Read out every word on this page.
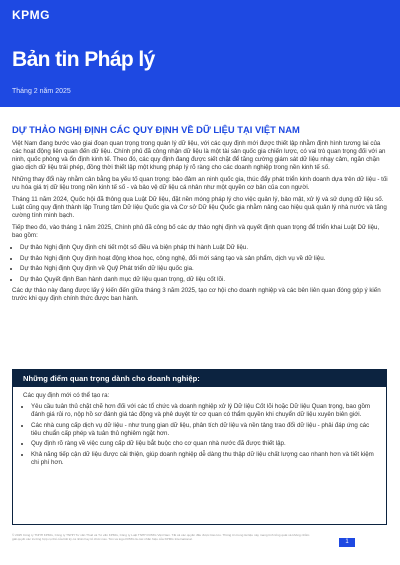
KPMG
Bản tin Pháp lý
Tháng 2 năm 2025
DỰ THẢO NGHỊ ĐỊNH CÁC QUY ĐỊNH VỀ DỮ LIỆU TẠI VIỆT NAM

Việt Nam đang bước vào giai đoạn quan trọng trong quản lý dữ liệu, với các quy định mới được thiết lập nhằm định hình tương lai của các hoạt động liên quan đến dữ liệu. Chính phủ đã công nhận dữ liệu là một tài sản quốc gia chiến lược, có vai trò quan trọng đối với an ninh, quốc phòng và ổn định kinh tế. Theo đó, các quy định đang được siết chặt để tăng cường giám sát dữ liệu nhạy cảm, ngăn chặn giao dịch dữ liệu trái phép, đồng thời thiết lập một khung pháp lý rõ ràng cho các doanh nghiệp trong nền kinh tế số.

Những thay đổi này nhằm cân bằng ba yếu tố quan trọng: bảo đảm an ninh quốc gia, thúc đẩy phát triển kinh doanh dựa trên dữ liệu - tối ưu hóa giá trị dữ liệu trong nền kinh tế số - và bảo vệ dữ liệu cá nhân như một quyền cơ bản của con người.

Tháng 11 năm 2024, Quốc hội đã thông qua Luật Dữ liệu, đặt nền móng pháp lý cho việc quản lý, bảo mật, xử lý và sử dụng dữ liệu số. Luật cũng quy định thành lập Trung tâm Dữ liệu Quốc gia và Cơ sở Dữ liệu Quốc gia nhằm nâng cao hiệu quả quản lý nhà nước và tăng cường tính minh bạch.

Tiếp theo đó, vào tháng 1 năm 2025, Chính phủ đã công bố các dự thảo nghị định và quyết định quan trọng để triển khai Luật Dữ liệu, bao gồm:

• Dự thảo Nghị định Quy định chi tiết một số điều và biện pháp thi hành Luật Dữ liệu.
• Dự thảo Nghị định Quy định hoạt động khoa học, công nghệ, đổi mới sáng tạo và sản phẩm, dịch vụ về dữ liệu.
• Dự thảo Nghị định Quy định về Quỹ Phát triển dữ liệu quốc gia.
• Dự thảo Quyết định Ban hành danh mục dữ liệu quan trọng, dữ liệu cốt lõi.

Các dự thảo này đang được lấy ý kiến đến giữa tháng 3 năm 2025, tạo cơ hội cho doanh nghiệp và các bên liên quan đóng góp ý kiến trước khi quy định chính thức được ban hành.

Những điểm quan trọng dành cho doanh nghiệp:

Các quy định mới có thể tạo ra:

• Yêu cầu tuân thủ chặt chẽ hơn đối với các tổ chức và doanh nghiệp xử lý Dữ liệu Cốt lõi hoặc Dữ liệu Quan trọng, bao gồm đánh giá rủi ro, nộp hồ sơ đánh giá tác động và phê duyệt từ cơ quan có thẩm quyền khi chuyển dữ liệu xuyên biên giới.
• Các nhà cung cấp dịch vụ dữ liệu - như trung gian dữ liệu, phân tích dữ liệu và nền tảng trao đổi dữ liệu - phải đáp ứng các tiêu chuẩn cấp phép và tuân thủ nghiêm ngặt hơn.
• Quy định rõ ràng về việc cung cấp dữ liệu bắt buộc cho cơ quan nhà nước đã được thiết lập.
• Khả năng tiếp cận dữ liệu được cải thiện, giúp doanh nghiệp dễ dàng thu thập dữ liệu chất lượng cao nhanh hơn và tiết kiệm chi phí hơn.
© 2025 Công ty TNHH KPMG, Công ty TNHH Tư vấn Thuế và Tư vấn KPMG, Công ty Luật TNHH KPMG Việt Nam. Tất cả các quyền đều được bảo lưu. Thông tin trong tài liệu này mang tính tổng quát và không nhằm giải quyết các trường hợp cụ thể của bất kỳ cá nhân hay tổ chức nào. Tên và logo KPMG là các nhãn hiệu của KPMG International.	1
